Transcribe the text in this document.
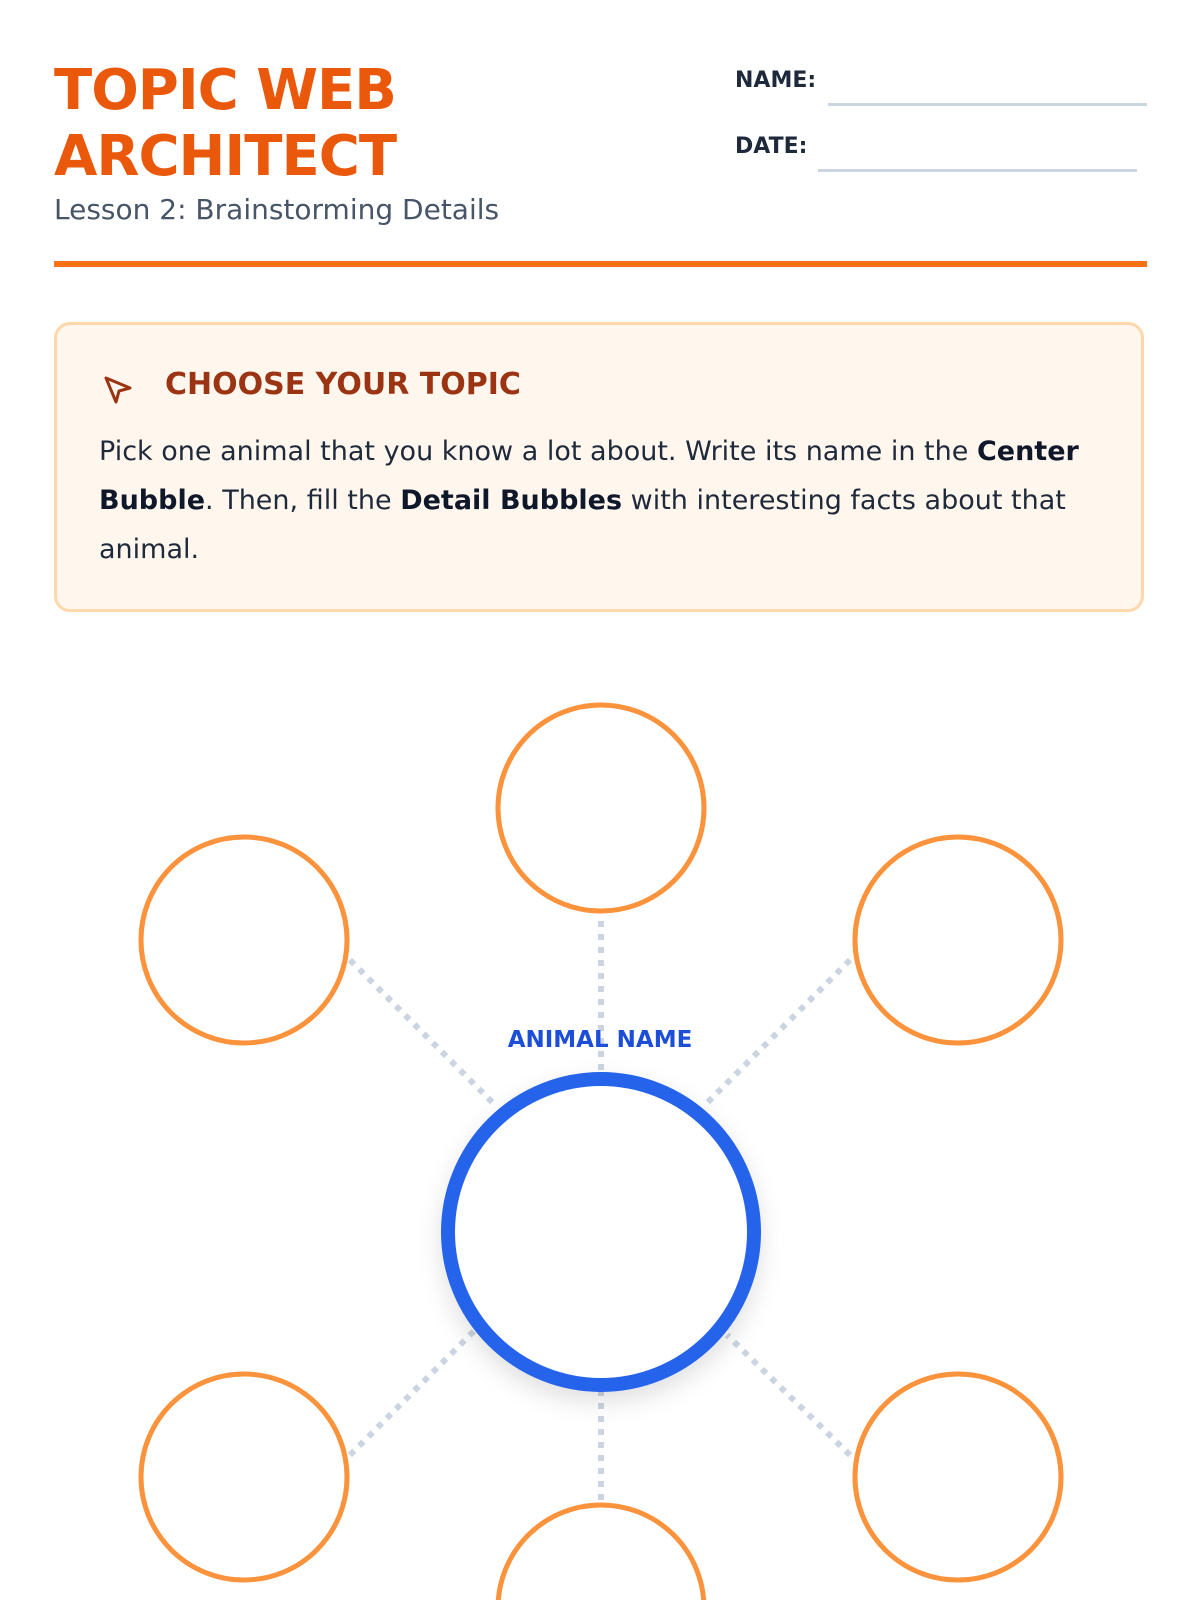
TOPIC WEB ARCHITECT
Lesson 2: Brainstorming Details
NAME:
DATE:
CHOOSE YOUR TOPIC

Pick one animal that you know a lot about. Write its name in the Center Bubble. Then, fill the Detail Bubbles with interesting facts about that animal.

ANIMAL NAME
